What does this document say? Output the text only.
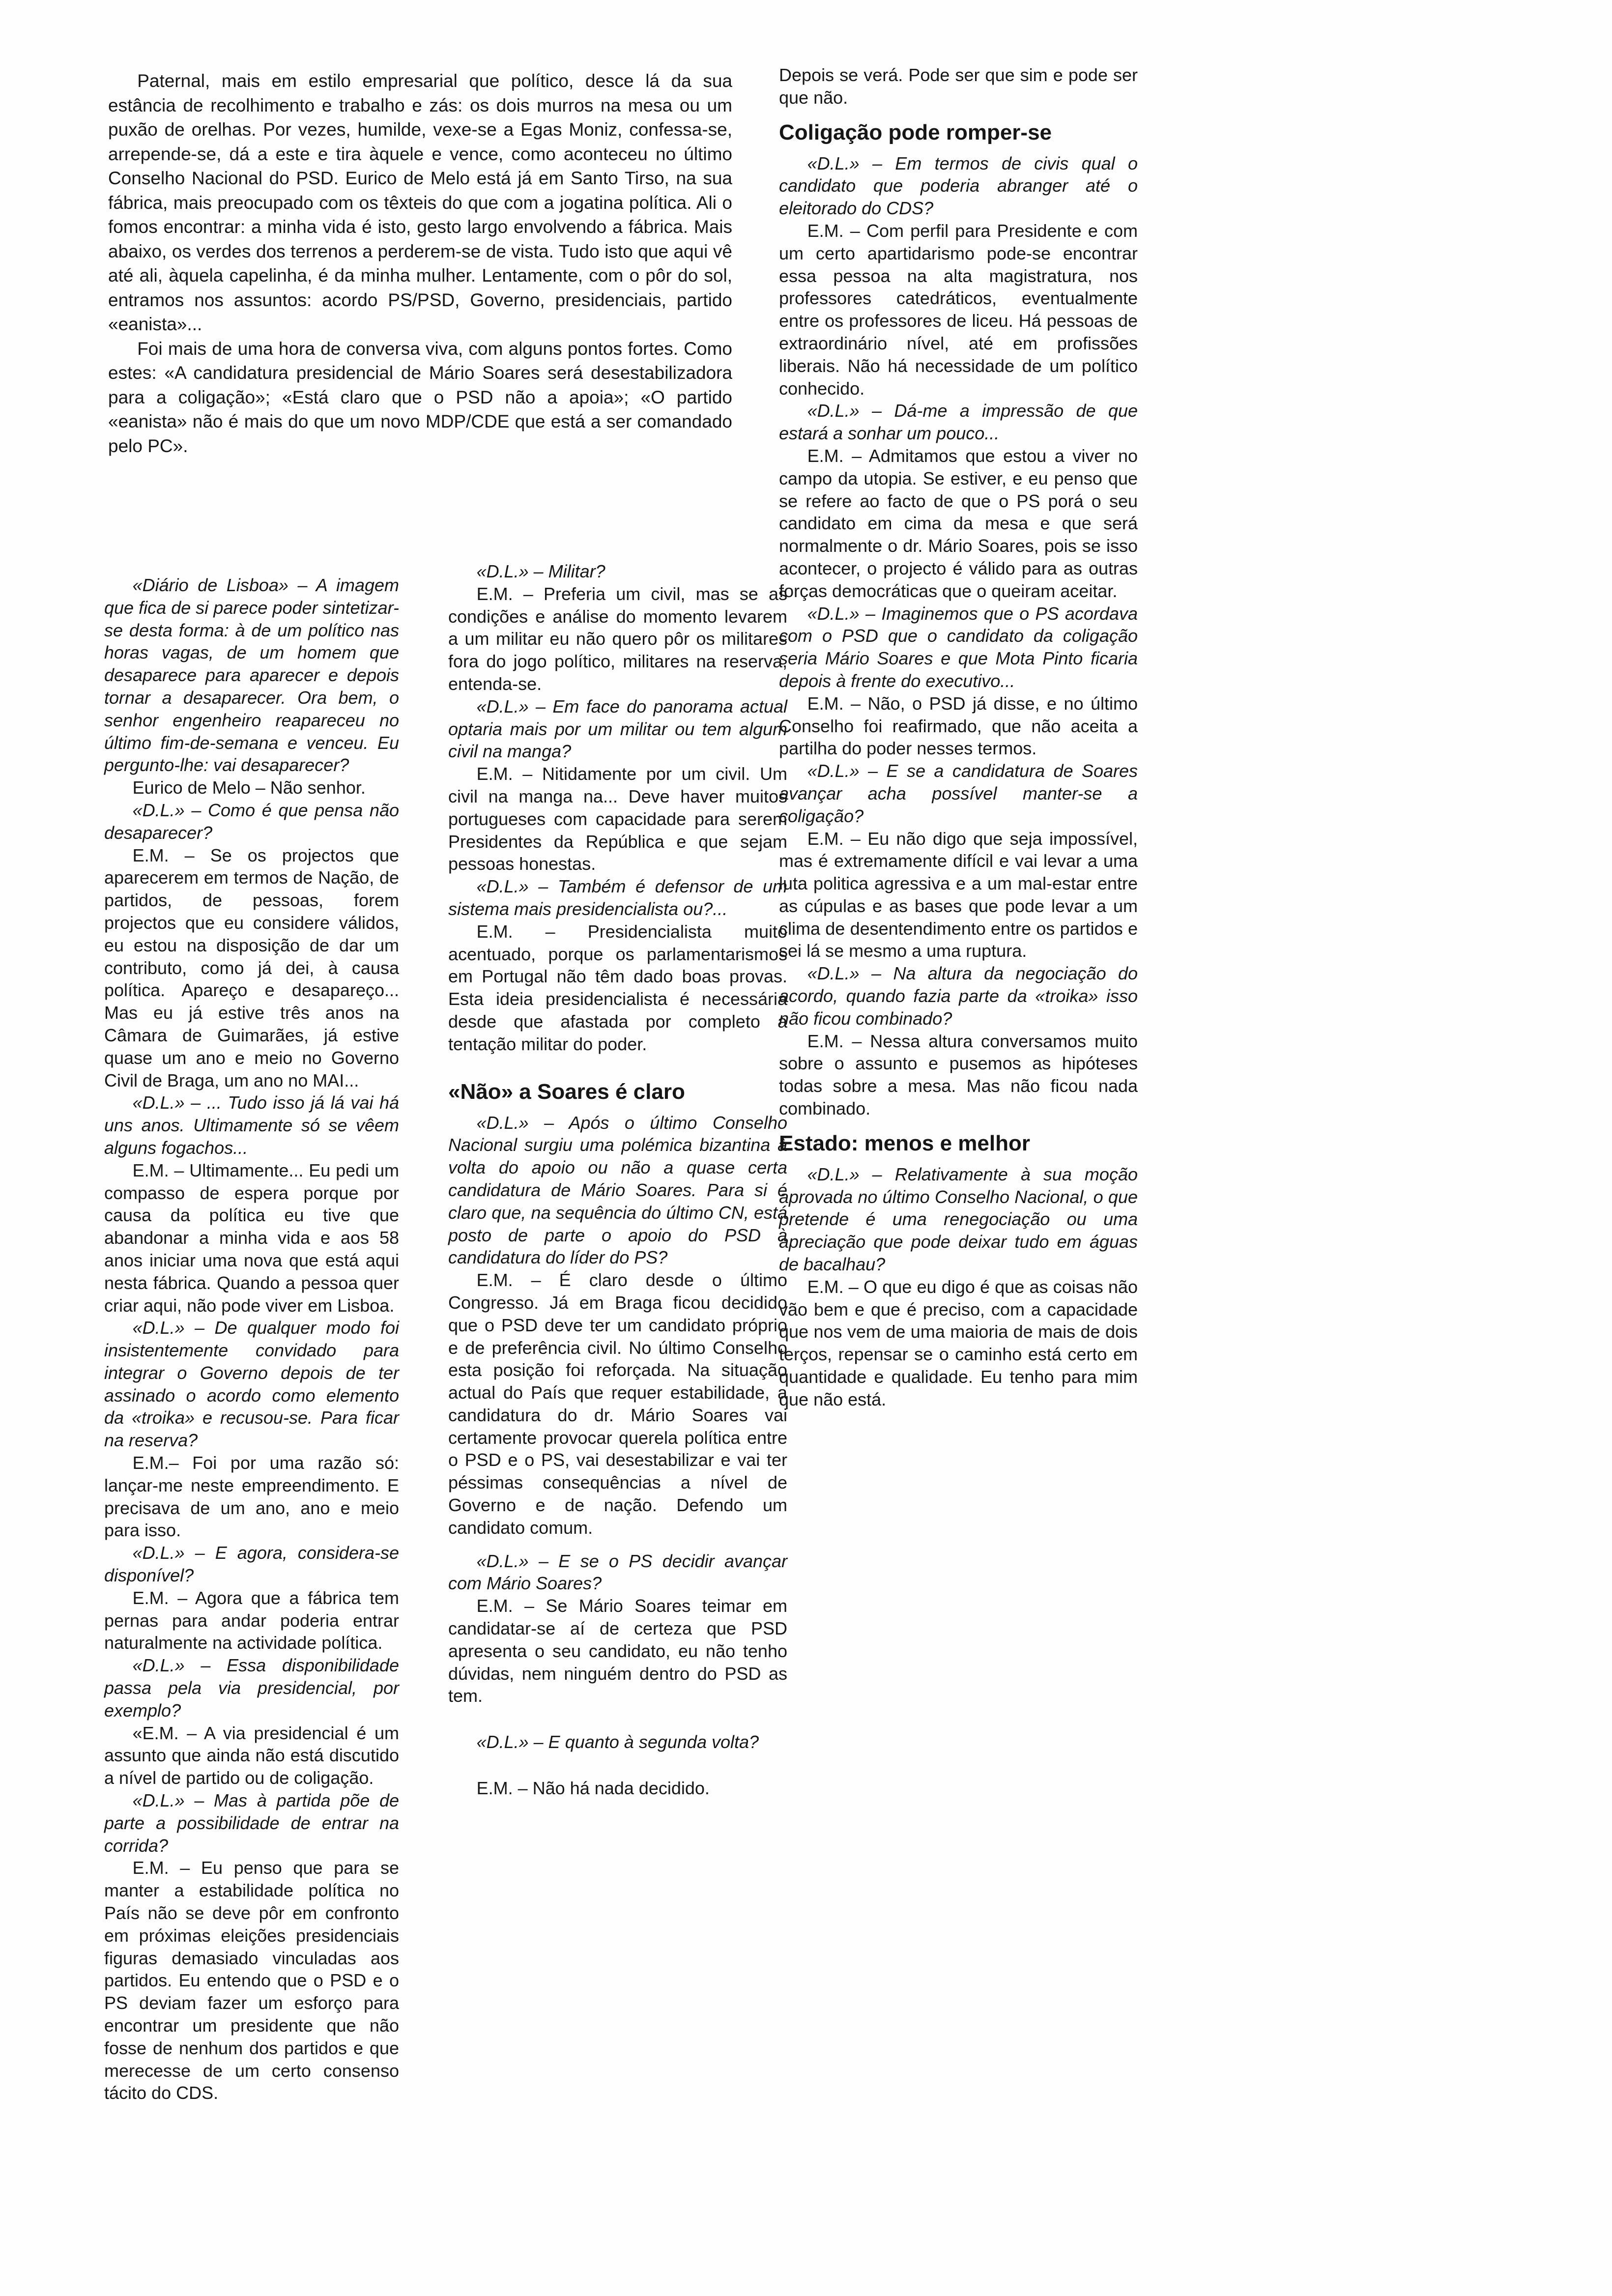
Paternal, mais em estilo empresarial que político, desce lá da sua estância de recolhimento e trabalho e zás: os dois murros na mesa ou um puxão de orelhas. Por vezes, humilde, vexe-se a Egas Moniz, confessa-se, arrepende-se, dá a este e tira àquele e vence, como aconteceu no último Conselho Nacional do PSD. Eurico de Melo está já em Santo Tirso, na sua fábrica, mais preocupado com os têxteis do que com a jogatina política. Ali o fomos encontrar: a minha vida é isto, gesto largo envolvendo a fábrica. Mais abaixo, os verdes dos terrenos a perderem-se de vista. Tudo isto que aqui vê até ali, àquela capelinha, é da minha mulher. Lentamente, com o pôr do sol, entramos nos assuntos: acordo PS/PSD, Governo, presidenciais, partido «eanista»...

Foi mais de uma hora de conversa viva, com alguns pontos fortes. Como estes: «A candidatura presidencial de Mário Soares será desestabilizadora para a coligação»; «Está claro que o PSD não a apoia»; «O partido «eanista» não é mais do que um novo MDP/CDE que está a ser comandado pelo PC».

«Diário de Lisboa» – A imagem que fica de si parece poder sintetizar-se desta forma: à de um político nas horas vagas, de um homem que desaparece para aparecer e depois tornar a desaparecer. Ora bem, o senhor engenheiro reapareceu no último fim-de-semana e venceu. Eu pergunto-lhe: vai desaparecer?

Eurico de Melo – Não senhor.

«D.L.» – Como é que pensa não desaparecer?

E.M. – Se os projectos que aparecerem em termos de Nação, de partidos, de pessoas, forem projectos que eu considere válidos, eu estou na disposição de dar um contributo, como já dei, à causa política. Apareço e desapareço... Mas eu já estive três anos na Câmara de Guimarães, já estive quase um ano e meio no Governo Civil de Braga, um ano no MAI...

«D.L.» – ... Tudo isso já lá vai há uns anos. Ultimamente só se vêem alguns fogachos...

E.M. – Ultimamente... Eu pedi um compasso de espera porque por causa da política eu tive que abandonar a minha vida e aos 58 anos iniciar uma nova que está aqui nesta fábrica. Quando a pessoa quer criar aqui, não pode viver em Lisboa.

«D.L.» – De qualquer modo foi insistentemente convidado para integrar o Governo depois de ter assinado o acordo como elemento da «troika» e recusou-se. Para ficar na reserva?

E.M.– Foi por uma razão só: lançar-me neste empreendimento. E precisava de um ano, ano e meio para isso.

«D.L.» – E agora, considera-se disponível?

E.M. – Agora que a fábrica tem pernas para andar poderia entrar naturalmente na actividade política.

«D.L.» – Essa disponibilidade passa pela via presidencial, por exemplo?

«E.M. – A via presidencial é um assunto que ainda não está discutido a nível de partido ou de coligação.

«D.L.» – Mas à partida põe de parte a possibilidade de entrar na corrida?

E.M. – Eu penso que para se manter a estabilidade política no País não se deve pôr em confronto em próximas eleições presidenciais figuras demasiado vinculadas aos partidos. Eu entendo que o PSD e o PS deviam fazer um esforço para encontrar um presidente que não fosse de nenhum dos partidos e que merecesse de um certo consenso tácito do CDS.

«D.L.» – Militar?

E.M. – Preferia um civil, mas se as condições e análise do momento levarem a um militar eu não quero pôr os militares fora do jogo político, militares na reserva, entenda-se.

«D.L.» – Em face do panorama actual optaria mais por um militar ou tem algum civil na manga?

E.M. – Nitidamente por um civil. Um civil na manga na... Deve haver muitos portugueses com capacidade para serem Presidentes da República e que sejam pessoas honestas.

«D.L.» – Também é defensor de um sistema mais presidencialista ou?...

E.M. – Presidencialista muito acentuado, porque os parlamentarismos em Portugal não têm dado boas provas. Esta ideia presidencialista é necessária desde que afastada por completo a tentação militar do poder.

«Não» a Soares é claro

«D.L.» – Após o último Conselho Nacional surgiu uma polémica bizantina à volta do apoio ou não a quase certa candidatura de Mário Soares. Para si é claro que, na sequência do último CN, está posto de parte o apoio do PSD à candidatura do líder do PS?

E.M. – É claro desde o último Congresso. Já em Braga ficou decidido que o PSD deve ter um candidato próprio e de preferência civil. No último Conselho esta posição foi reforçada. Na situação actual do País que requer estabilidade, a candidatura do dr. Mário Soares vai certamente provocar querela política entre o PSD e o PS, vai desestabilizar e vai ter péssimas consequências a nível de Governo e de nação. Defendo um candidato comum.

«D.L.» – E se o PS decidir avançar com Mário Soares?

E.M. – Se Mário Soares teimar em candidatar-se aí de certeza que PSD apresenta o seu candidato, eu não tenho dúvidas, nem ninguém dentro do PSD as tem.

«D.L.» – E quanto à segunda volta?

E.M. – Não há nada decidido.

Depois se verá. Pode ser que sim e pode ser que não.

Coligação pode romper-se

«D.L.» – Em termos de civis qual o candidato que poderia abranger até o eleitorado do CDS?

E.M. – Com perfil para Presidente e com um certo apartidarismo pode-se encontrar essa pessoa na alta magistratura, nos professores catedráticos, eventualmente entre os professores de liceu. Há pessoas de extraordinário nível, até em profissões liberais. Não há necessidade de um político conhecido.

«D.L.» – Dá-me a impressão de que estará a sonhar um pouco...

E.M. – Admitamos que estou a viver no campo da utopia. Se estiver, e eu penso que se refere ao facto de que o PS porá o seu candidato em cima da mesa e que será normalmente o dr. Mário Soares, pois se isso acontecer, o projecto é válido para as outras forças democráticas que o queiram aceitar.

«D.L.» – Imaginemos que o PS acordava com o PSD que o candidato da coligação seria Mário Soares e que Mota Pinto ficaria depois à frente do executivo...

E.M. – Não, o PSD já disse, e no último Conselho foi reafirmado, que não aceita a partilha do poder nesses termos.

«D.L.» – E se a candidatura de Soares avançar acha possível manter-se a coligação?

E.M. – Eu não digo que seja impossível, mas é extremamente difícil e vai levar a uma luta politica agressiva e a um mal-estar entre as cúpulas e as bases que pode levar a um clima de desentendimento entre os partidos e sei lá se mesmo a uma ruptura.

«D.L.» – Na altura da negociação do acordo, quando fazia parte da «troika» isso não ficou combinado?

E.M. – Nessa altura conversamos muito sobre o assunto e pusemos as hipóteses todas sobre a mesa. Mas não ficou nada combinado.

Estado: menos e melhor

«D.L.» – Relativamente à sua moção aprovada no último Conselho Nacional, o que pretende é uma renegociação ou uma apreciação que pode deixar tudo em águas de bacalhau?

E.M. – O que eu digo é que as coisas não vão bem e que é preciso, com a capacidade que nos vem de uma maioria de mais de dois terços, repensar se o caminho está certo em quantidade e qualidade. Eu tenho para mim que não está.
